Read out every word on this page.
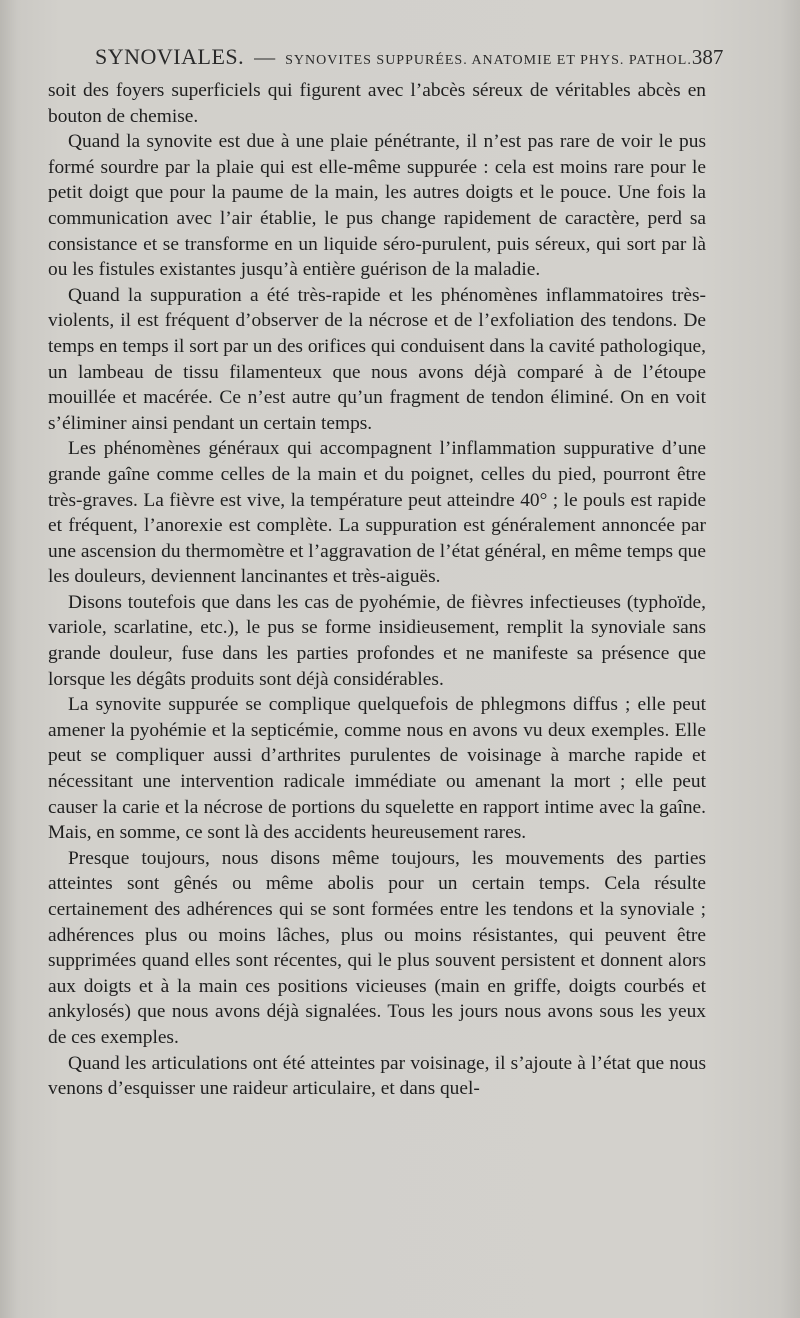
SYNOVIALES. — SYNOVITES SUPPURÉES. ANATOMIE ET PHYS. PATHOL. 387

soit des foyers superficiels qui figurent avec l’abcès séreux de véritables abcès en bouton de chemise.

Quand la synovite est due à une plaie pénétrante, il n’est pas rare de voir le pus formé sourdre par la plaie qui est elle-même suppurée : cela est moins rare pour le petit doigt que pour la paume de la main, les autres doigts et le pouce. Une fois la communication avec l’air établie, le pus change rapidement de caractère, perd sa consistance et se transforme en un liquide séro-purulent, puis séreux, qui sort par là ou les fistules existantes jusqu’à entière guérison de la maladie.

Quand la suppuration a été très-rapide et les phénomènes inflammatoires très-violents, il est fréquent d’observer de la nécrose et de l’exfoliation des tendons. De temps en temps il sort par un des orifices qui conduisent dans la cavité pathologique, un lambeau de tissu filamenteux que nous avons déjà comparé à de l’étoupe mouillée et macérée. Ce n’est autre qu’un fragment de tendon éliminé. On en voit s’éliminer ainsi pendant un certain temps.

Les phénomènes généraux qui accompagnent l’inflammation suppurative d’une grande gaîne comme celles de la main et du poignet, celles du pied, pourront être très-graves. La fièvre est vive, la température peut atteindre 40° ; le pouls est rapide et fréquent, l’anorexie est complète. La suppuration est généralement annoncée par une ascension du thermomètre et l’aggravation de l’état général, en même temps que les douleurs, deviennent lancinantes et très-aiguës.

Disons toutefois que dans les cas de pyohémie, de fièvres infectieuses (typhoïde, variole, scarlatine, etc.), le pus se forme insidieusement, remplit la synoviale sans grande douleur, fuse dans les parties profondes et ne manifeste sa présence que lorsque les dégâts produits sont déjà considérables.

La synovite suppurée se complique quelquefois de phlegmons diffus ; elle peut amener la pyohémie et la septicémie, comme nous en avons vu deux exemples. Elle peut se compliquer aussi d’arthrites purulentes de voisinage à marche rapide et nécessitant une intervention radicale immédiate ou amenant la mort ; elle peut causer la carie et la nécrose de portions du squelette en rapport intime avec la gaîne. Mais, en somme, ce sont là des accidents heureusement rares.

Presque toujours, nous disons même toujours, les mouvements des parties atteintes sont gênés ou même abolis pour un certain temps. Cela résulte certainement des adhérences qui se sont formées entre les tendons et la synoviale ; adhérences plus ou moins lâches, plus ou moins résistantes, qui peuvent être supprimées quand elles sont récentes, qui le plus souvent persistent et donnent alors aux doigts et à la main ces positions vicieuses (main en griffe, doigts courbés et ankylosés) que nous avons déjà signalées. Tous les jours nous avons sous les yeux de ces exemples.

Quand les articulations ont été atteintes par voisinage, il s’ajoute à l’état que nous venons d’esquisser une raideur articulaire, et dans quel-
